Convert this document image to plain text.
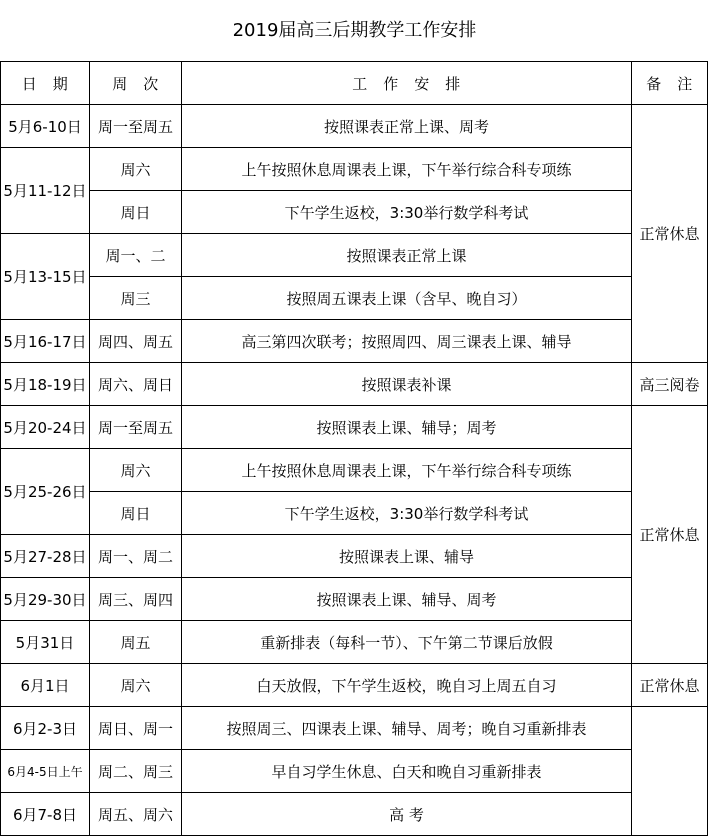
2019届高三后期教学工作安排
日　期	周　次	工　作　安　排	备　注
5月6-10日	周一至周五	按照课表正常上课、周考	正常休息
5月11-12日	周六	上午按照休息周课表上课，下午举行综合科专项练	
	周日	下午学生返校，3:30举行数学科考试	
5月13-15日	周一、二	按照课表正常上课	
	周三	按照周五课表上课（含早、晚自习）	
5月16-17日	周四、周五	高三第四次联考；按照周四、周三课表上课、辅导	
5月18-19日	周六、周日	按照课表补课	高三阅卷
5月20-24日	周一至周五	按照课表上课、辅导；周考	正常休息
5月25-26日	周六	上午按照休息周课表上课，下午举行综合科专项练	
	周日	下午学生返校，3:30举行数学科考试	
5月27-28日	周一、周二	按照课表上课、辅导	
5月29-30日	周三、周四	按照课表上课、辅导、周考	
5月31日	周五	重新排表（每科一节）、下午第二节课后放假	
6月1日	周六	白天放假，下午学生返校，晚自习上周五自习	正常休息
6月2-3日	周日、周一	按照周三、四课表上课、辅导、周考；晚自习重新排表	
6月4-5日上午	周二、周三	早自习学生休息、白天和晚自习重新排表	
6月7-8日	周五、周六	高 考	
